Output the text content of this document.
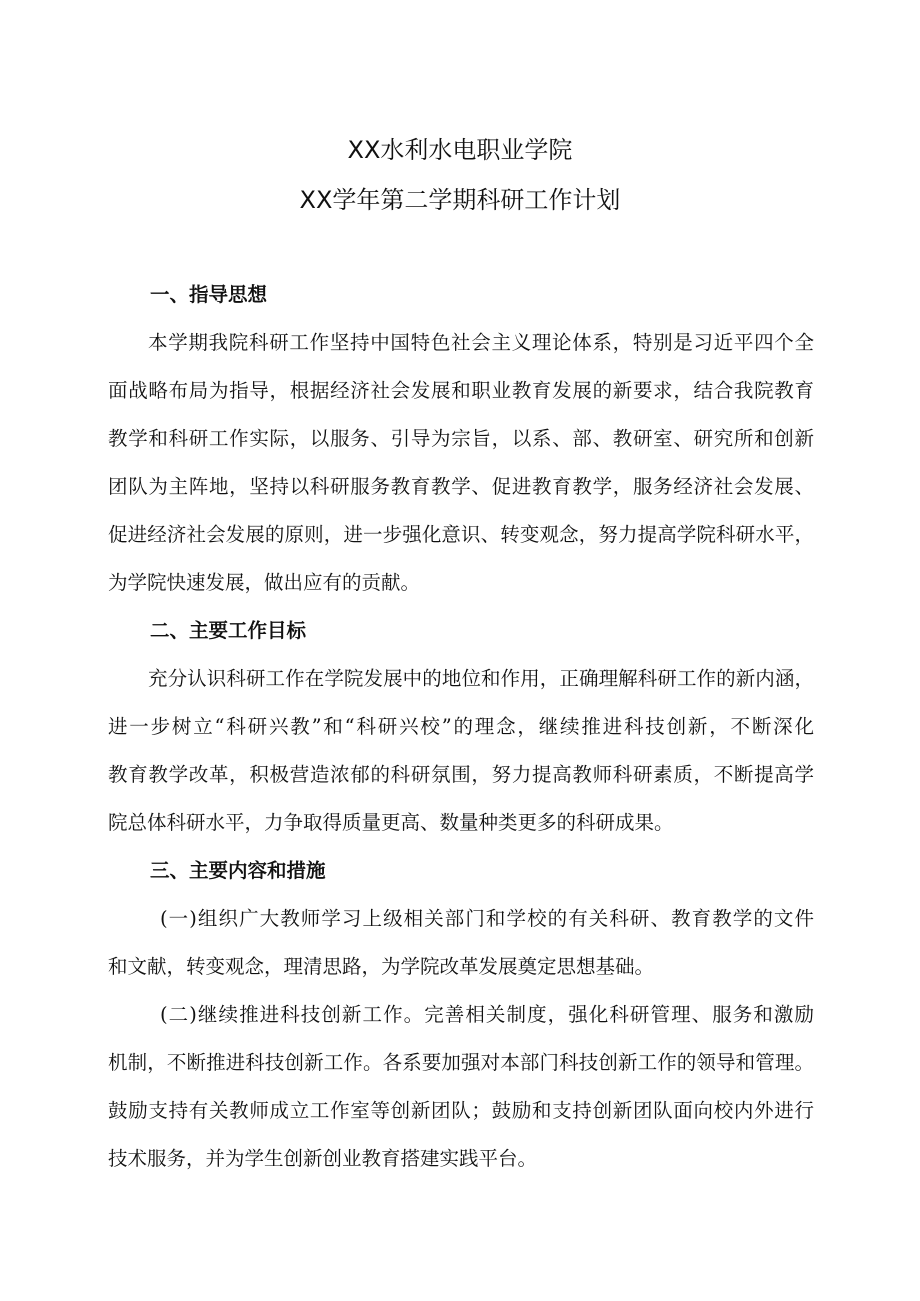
XX水利水电职业学院
XX学年第二学期科研工作计划
一、指导思想
本学期我院科研工作坚持中国特色社会主义理论体系，特别是习近平四个全
面战略布局为指导，根据经济社会发展和职业教育发展的新要求，结合我院教育
教学和科研工作实际，以服务、引导为宗旨，以系、部、教研室、研究所和创新
团队为主阵地，坚持以科研服务教育教学、促进教育教学，服务经济社会发展、
促进经济社会发展的原则，进一步强化意识、转变观念，努力提高学院科研水平，
为学院快速发展，做出应有的贡献。
二、主要工作目标
充分认识科研工作在学院发展中的地位和作用，正确理解科研工作的新内涵，
进一步树立“科研兴教”和“科研兴校”的理念，继续推进科技创新，不断深化
教育教学改革，积极营造浓郁的科研氛围，努力提高教师科研素质，不断提高学
院总体科研水平，力争取得质量更高、数量种类更多的科研成果。
三、主要内容和措施
(一)组织广大教师学习上级相关部门和学校的有关科研、教育教学的文件
和文献，转变观念，理清思路，为学院改革发展奠定思想基础。
(二)继续推进科技创新工作。完善相关制度，强化科研管理、服务和激励
机制，不断推进科技创新工作。各系要加强对本部门科技创新工作的领导和管理。
鼓励支持有关教师成立工作室等创新团队；鼓励和支持创新团队面向校内外进行
技术服务，并为学生创新创业教育搭建实践平台。
